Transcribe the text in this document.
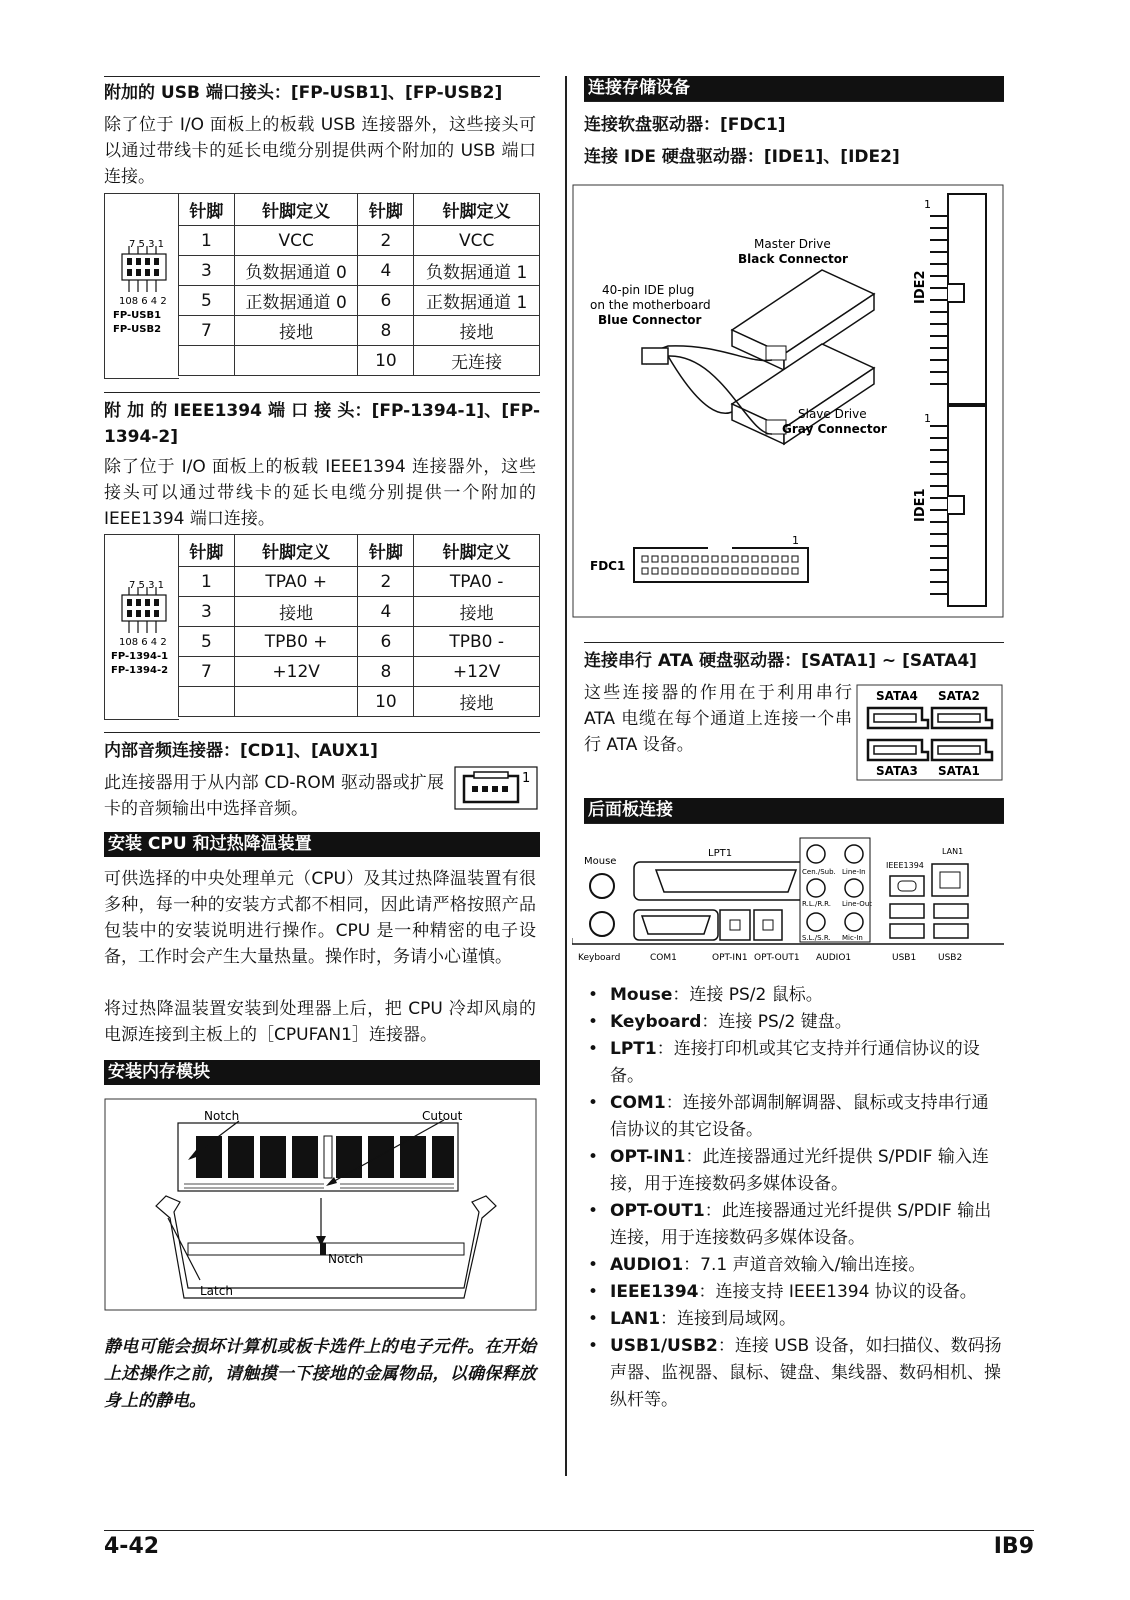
附加的 USB 端口接头：[FP-USB1]、[FP-USB2]
除了位于 I/O 面板上的板载 USB 连接器外，这些接头可以通过带线卡的延长电缆分别提供两个附加的 USB 端口连接。
7 5 3 1
108 6 4 2
FP-USB1
FP-USB2
针脚	针脚定义	针脚	针脚定义
1	VCC	2	VCC
3	负数据通道 0	4	负数据通道 1
5	正数据通道 0	6	正数据通道 1
7	接地	8	接地
		10	无连接
附 加 的 IEEE1394 端 口 接 头：[FP-1394-1]、[FP-1394-2]
除了位于 I/O 面板上的板载 IEEE1394 连接器外，这些接头可以通过带线卡的延长电缆分别提供一个附加的 IEEE1394 端口连接。
7 5 3 1
108 6 4 2
FP-1394-1
FP-1394-2
针脚	针脚定义	针脚	针脚定义
1	TPA0 +	2	TPA0 -
3	接地	4	接地
5	TPB0 +	6	TPB0 -
7	+12V	8	+12V
		10	接地
内部音频连接器：[CD1]、[AUX1]
此连接器用于从内部 CD-ROM 驱动器或扩展卡的音频输出中选择音频。
1
安装 CPU 和过热降温装置
可供选择的中央处理单元（CPU）及其过热降温装置有很多种，每一种的安装方式都不相同，因此请严格按照产品包装中的安装说明进行操作。CPU 是一种精密的电子设备，工作时会产生大量热量。操作时，务请小心谨慎。
将过热降温装置安装到处理器上后，把 CPU 冷却风扇的电源连接到主板上的［CPUFAN1］连接器。
安装内存模块
Notch	Cutout
Notch
Latch
静电可能会损坏计算机或板卡选件上的电子元件。在开始上述操作之前，请触摸一下接地的金属物品，以确保释放身上的静电。
连接存储设备
连接软盘驱动器：[FDC1]
连接 IDE 硬盘驱动器：[IDE1]、[IDE2]
1
IDE2
1
IDE1
Master Drive
Black Connector
40-pin IDE plug
on the motherboard
Blue Connector
Slave Drive
Gray Connector
1
FDC1
连接串行 ATA 硬盘驱动器：[SATA1] ~ [SATA4]
这些连接器的作用在于利用串行 ATA 电缆在每个通道上连接一个串行 ATA 设备。
SATA4 SATA2
SATA3 SATA1
后面板连接
Mouse
LPT1
Cen./Sub. Line-In
R.L./R.R. Line-Out
S.L./S.R. Mic-In
IEEE1394
LAN1
Keyboard	COM1	OPT-IN1 OPT-OUT1 AUDIO1	USB1 USB2
• Mouse：连接 PS/2 鼠标。
• Keyboard：连接 PS/2 键盘。
• LPT1：连接打印机或其它支持并行通信协议的设备。
• COM1：连接外部调制解调器、鼠标或支持串行通信协议的其它设备。
• OPT-IN1：此连接器通过光纤提供 S/PDIF 输入连接，用于连接数码多媒体设备。
• OPT-OUT1：此连接器通过光纤提供 S/PDIF 输出连接，用于连接数码多媒体设备。
• AUDIO1：7.1 声道音效输入/输出连接。
• IEEE1394：连接支持 IEEE1394 协议的设备。
• LAN1：连接到局域网。
• USB1/USB2：连接 USB 设备，如扫描仪、数码扬声器、监视器、鼠标、键盘、集线器、数码相机、操纵杆等。
4-42	IB9
